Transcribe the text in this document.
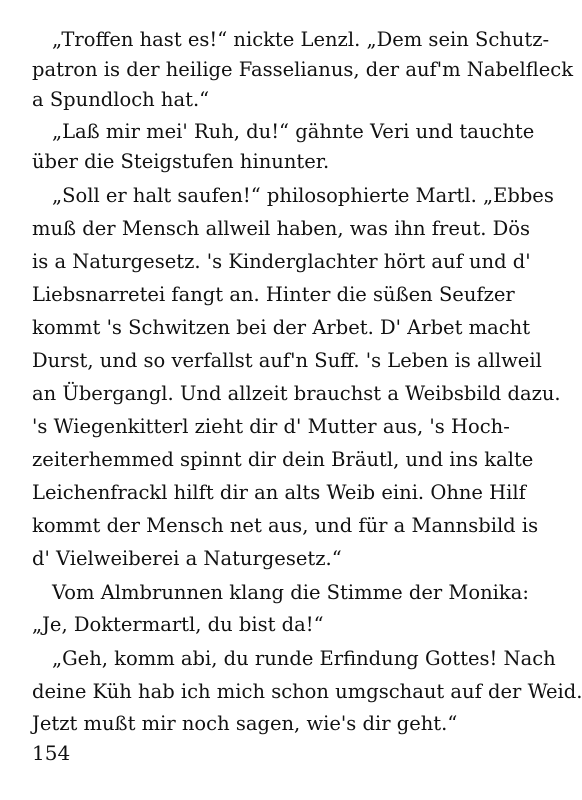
„Troffen hast es!“ nickte Lenzl. „Dem sein Schutz-
patron is der heilige Fasselianus, der auf'm Nabelfleck
a Spundloch hat.“
„Laß mir mei' Ruh, du!“ gähnte Veri und tauchte
über die Steigstufen hinunter.
„Soll er halt saufen!“ philosophierte Martl. „Ebbes
muß der Mensch allweil haben, was ihn freut. Dös
is a Naturgesetz. 's Kinderglachter hört auf und d'
Liebsnarretei fangt an. Hinter die süßen Seufzer
kommt 's Schwitzen bei der Arbet. D' Arbet macht
Durst, und so verfallst auf'n Suff. 's Leben is allweil
an Übergangl. Und allzeit brauchst a Weibsbild dazu.
's Wiegenkitterl zieht dir d' Mutter aus, 's Hoch-
zeiterhemmed spinnt dir dein Bräutl, und ins kalte
Leichenfrackl hilft dir an alts Weib eini. Ohne Hilf
kommt der Mensch net aus, und für a Mannsbild is
d' Vielweiberei a Naturgesetz.“
Vom Almbrunnen klang die Stimme der Monika:
„Je, Doktermartl, du bist da!“
„Geh, komm abi, du runde Erfindung Gottes! Nach
deine Küh hab ich mich schon umgschaut auf der Weid.
Jetzt mußt mir noch sagen, wie's dir geht.“
154
